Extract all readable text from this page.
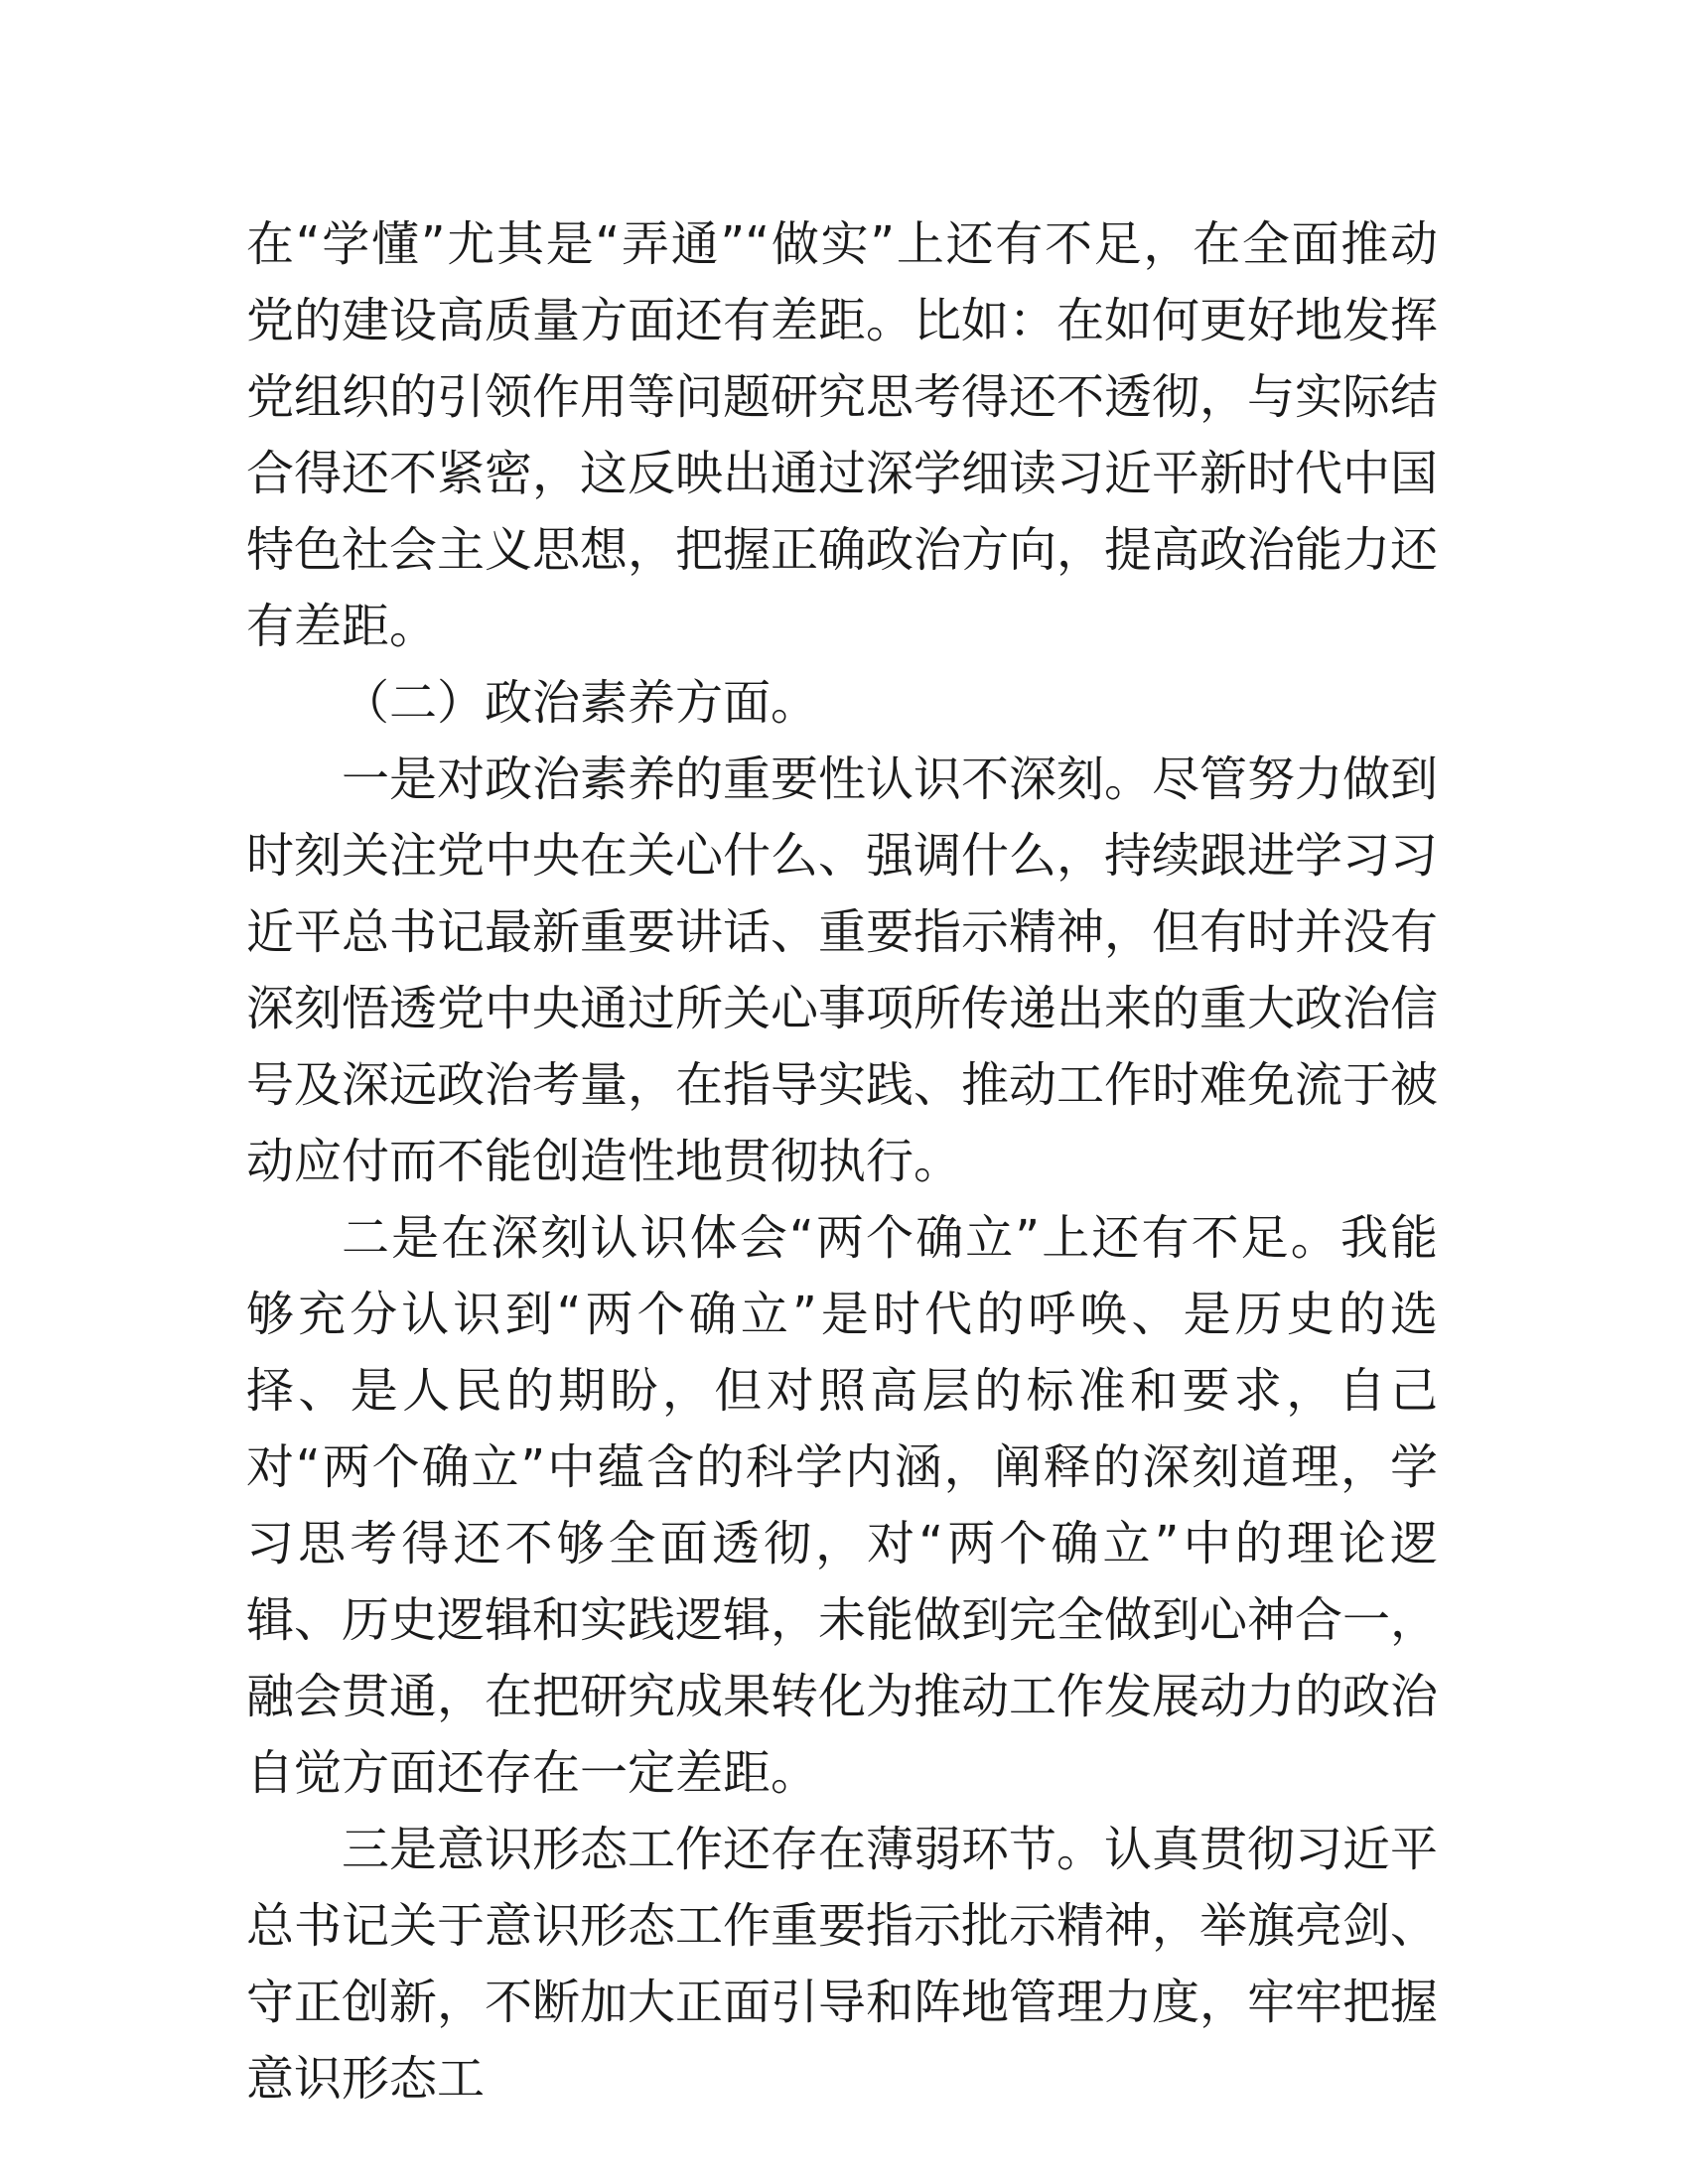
在“学懂”尤其是“弄通”“做实”上还有不足，在全面推动党的建设高质量方面还有差距。比如：在如何更好地发挥党组织的引领作用等问题研究思考得还不透彻，与实际结合得还不紧密，这反映出通过深学细读习近平新时代中国特色社会主义思想，把握正确政治方向，提高政治能力还有差距。

（二）政治素养方面。

一是对政治素养的重要性认识不深刻。尽管努力做到时刻关注党中央在关心什么、强调什么，持续跟进学习习近平总书记最新重要讲话、重要指示精神，但有时并没有深刻悟透党中央通过所关心事项所传递出来的重大政治信号及深远政治考量，在指导实践、推动工作时难免流于被动应付而不能创造性地贯彻执行。

二是在深刻认识体会“两个确立”上还有不足。我能够充分认识到“两个确立”是时代的呼唤、是历史的选择、是人民的期盼，但对照高层的标准和要求，自己对“两个确立”中蕴含的科学内涵，阐释的深刻道理，学习思考得还不够全面透彻，对“两个确立”中的理论逻辑、历史逻辑和实践逻辑，未能做到完全做到心神合一，融会贯通，在把研究成果转化为推动工作发展动力的政治自觉方面还存在一定差距。

三是意识形态工作还存在薄弱环节。认真贯彻习近平总书记关于意识形态工作重要指示批示精神，举旗亮剑、守正创新，不断加大正面引导和阵地管理力度，牢牢把握意识形态工
